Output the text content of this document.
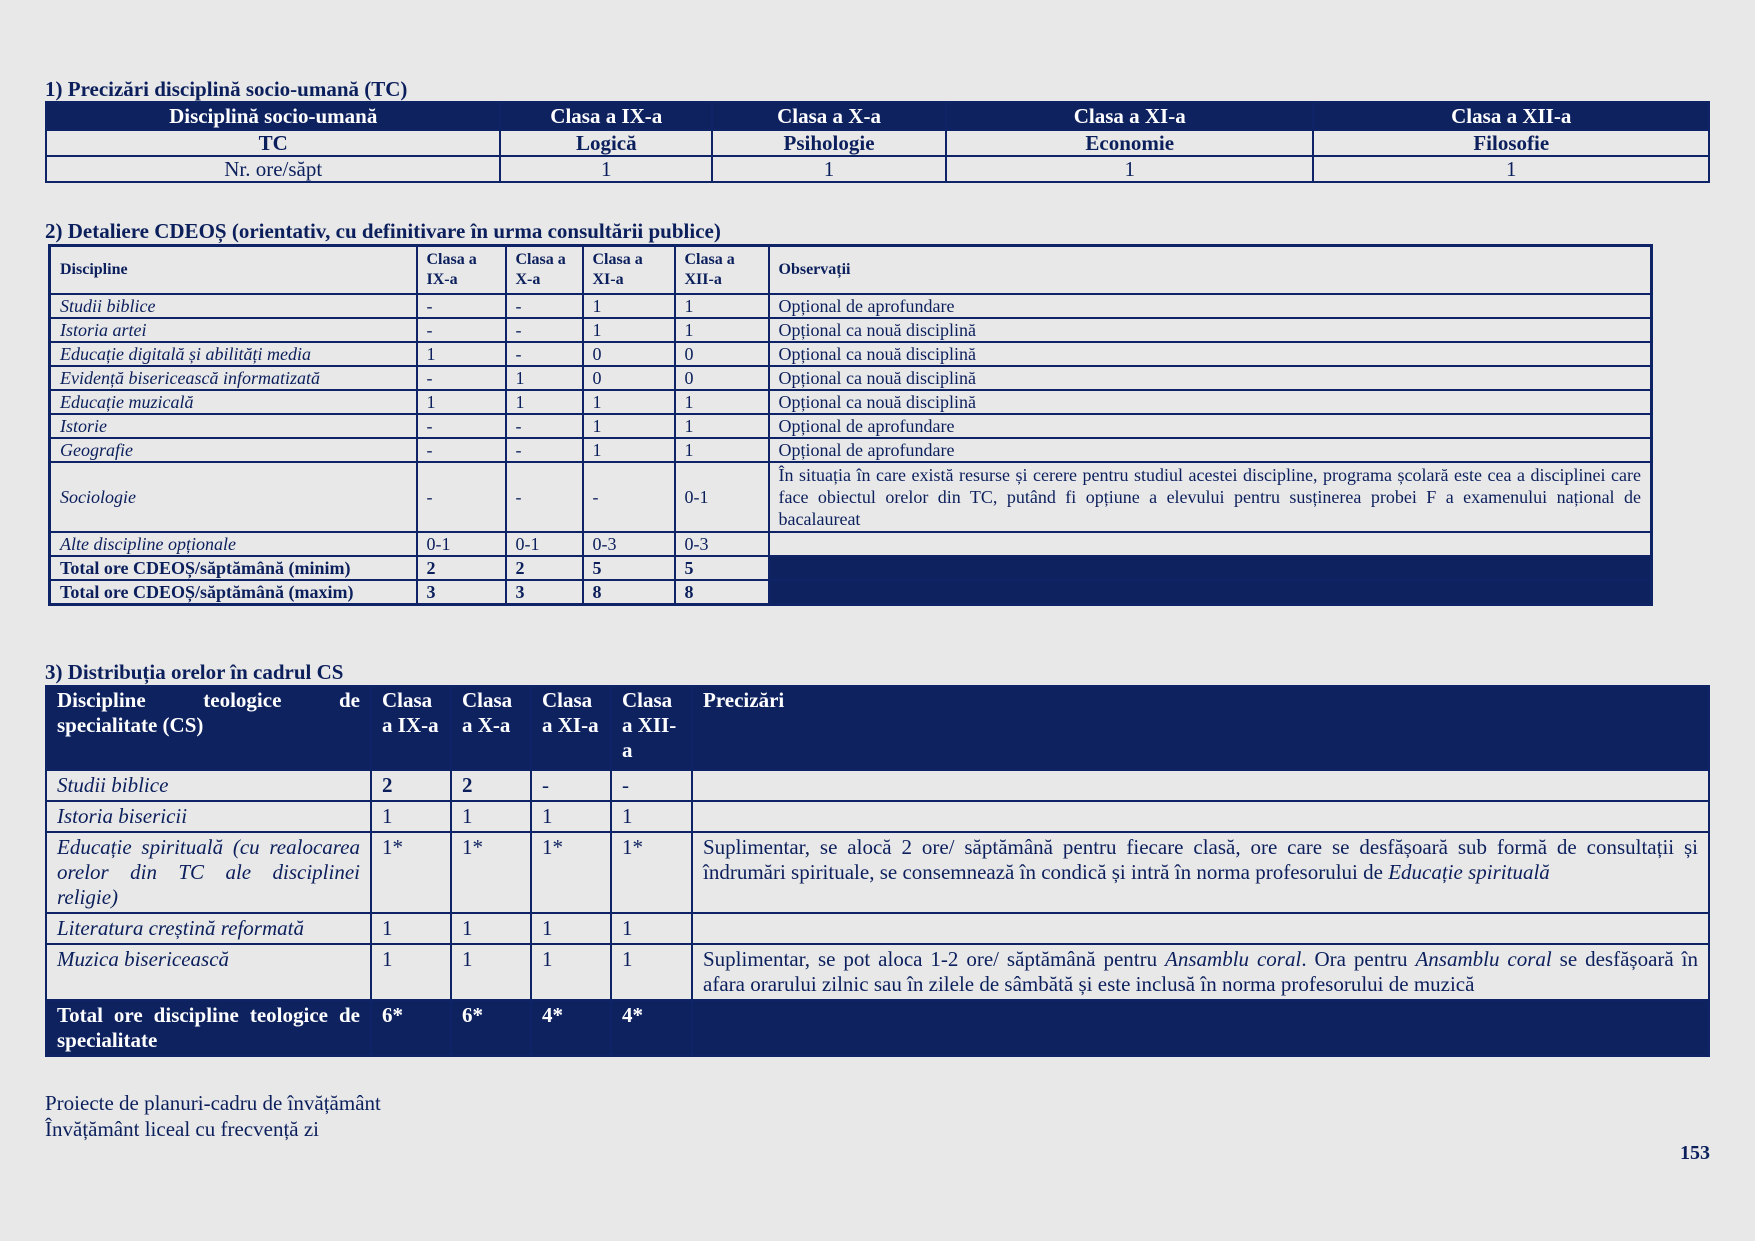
1) Precizări disciplină socio-umană (TC)

Disciplină socio-umană	Clasa a IX-a	Clasa a X-a	Clasa a XI-a	Clasa a XII-a
TC	Logică	Psihologie	Economie	Filosofie
Nr. ore/săpt	1	1	1	1

2) Detaliere CDEOȘ (orientativ, cu definitivare în urma consultării publice)

Discipline	Clasa a IX-a	Clasa a X-a	Clasa a XI-a	Clasa a XII-a	Observații
Studii biblice	-	-	1	1	Opțional de aprofundare
Istoria artei	-	-	1	1	Opțional ca nouă disciplină
Educație digitală și abilități media	1	-	0	0	Opțional ca nouă disciplină
Evidență bisericească informatizată	-	1	0	0	Opțional ca nouă disciplină
Educație muzicală	1	1	1	1	Opțional ca nouă disciplină
Istorie	-	-	1	1	Opțional de aprofundare
Geografie	-	-	1	1	Opțional de aprofundare
Sociologie	-	-	-	0-1	În situația în care există resurse și cerere pentru studiul acestei discipline, programa școlară este cea a disciplinei care face obiectul orelor din TC, putând fi opțiune a elevului pentru susținerea probei F a examenului național de bacalaureat
Alte discipline opționale	0-1	0-1	0-3	0-3	
Total ore CDEOȘ/săptămână (minim)	2	2	5	5	
Total ore CDEOȘ/săptămână (maxim)	3	3	8	8	

3) Distribuția orelor în cadrul CS

Discipline teologice de specialitate (CS)	Clasa a IX-a	Clasa a X-a	Clasa a XI-a	Clasa a XII-a	Precizări
Studii biblice	2	2	-	-	
Istoria bisericii	1	1	1	1	
Educație spirituală (cu realocarea orelor din TC ale disciplinei religie)	1*	1*	1*	1*	Suplimentar, se alocă 2 ore/ săptămână pentru fiecare clasă, ore care se desfășoară sub formă de consultații și îndrumări spirituale, se consemnează în condică și intră în norma profesorului de Educație spirituală
Literatura creștină reformată	1	1	1	1	
Muzica bisericească	1	1	1	1	Suplimentar, se pot aloca 1-2 ore/ săptămână pentru Ansamblu coral. Ora pentru Ansamblu coral se desfășoară în afara orarului zilnic sau în zilele de sâmbătă și este inclusă în norma profesorului de muzică
Total ore discipline teologice de specialitate	6*	6*	4*	4*	
Proiecte de planuri-cadru de învățământ
Învățământ liceal cu frecvență zi
153
